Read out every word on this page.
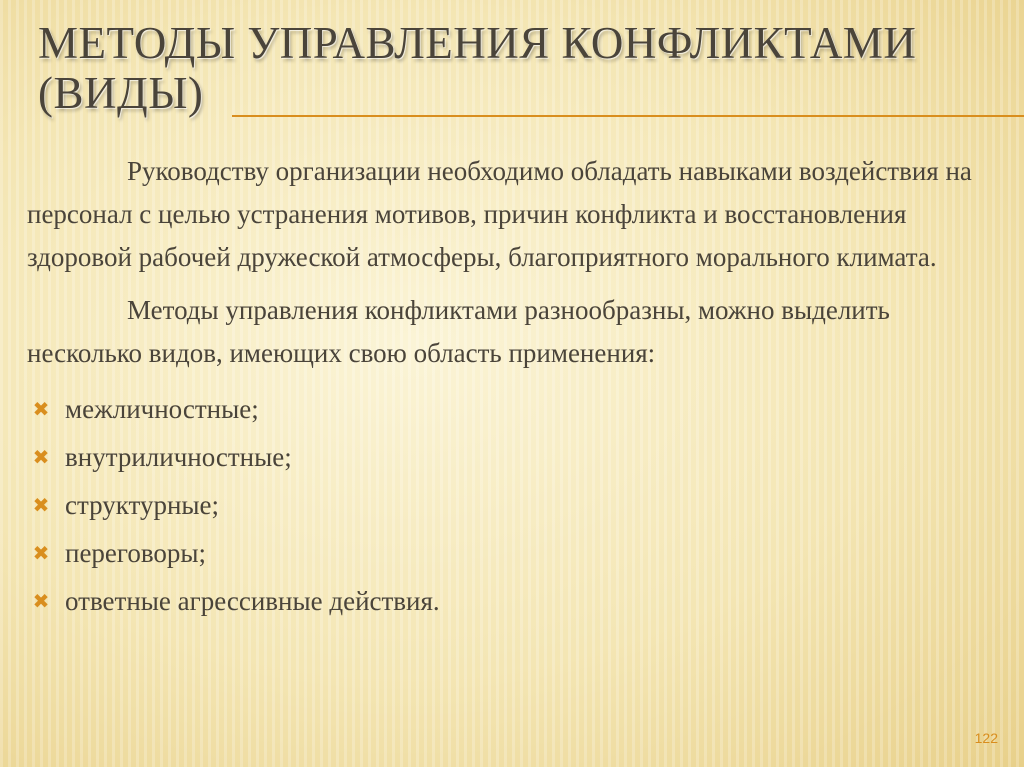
МЕТОДЫ УПРАВЛЕНИЯ КОНФЛИКТАМИ (ВИДЫ)

Руководству организации необходимо обладать навыками воздействия на персонал с целью устранения мотивов, причин конфликта и восстановления здоровой рабочей дружеской атмосферы, благоприятного морального климата.

Методы управления конфликтами разнообразны, можно выделить несколько видов, имеющих свою область применения:

✖ межличностные;
✖ внутриличностные;
✖ структурные;
✖ переговоры;
✖ ответные агрессивные действия.
122
